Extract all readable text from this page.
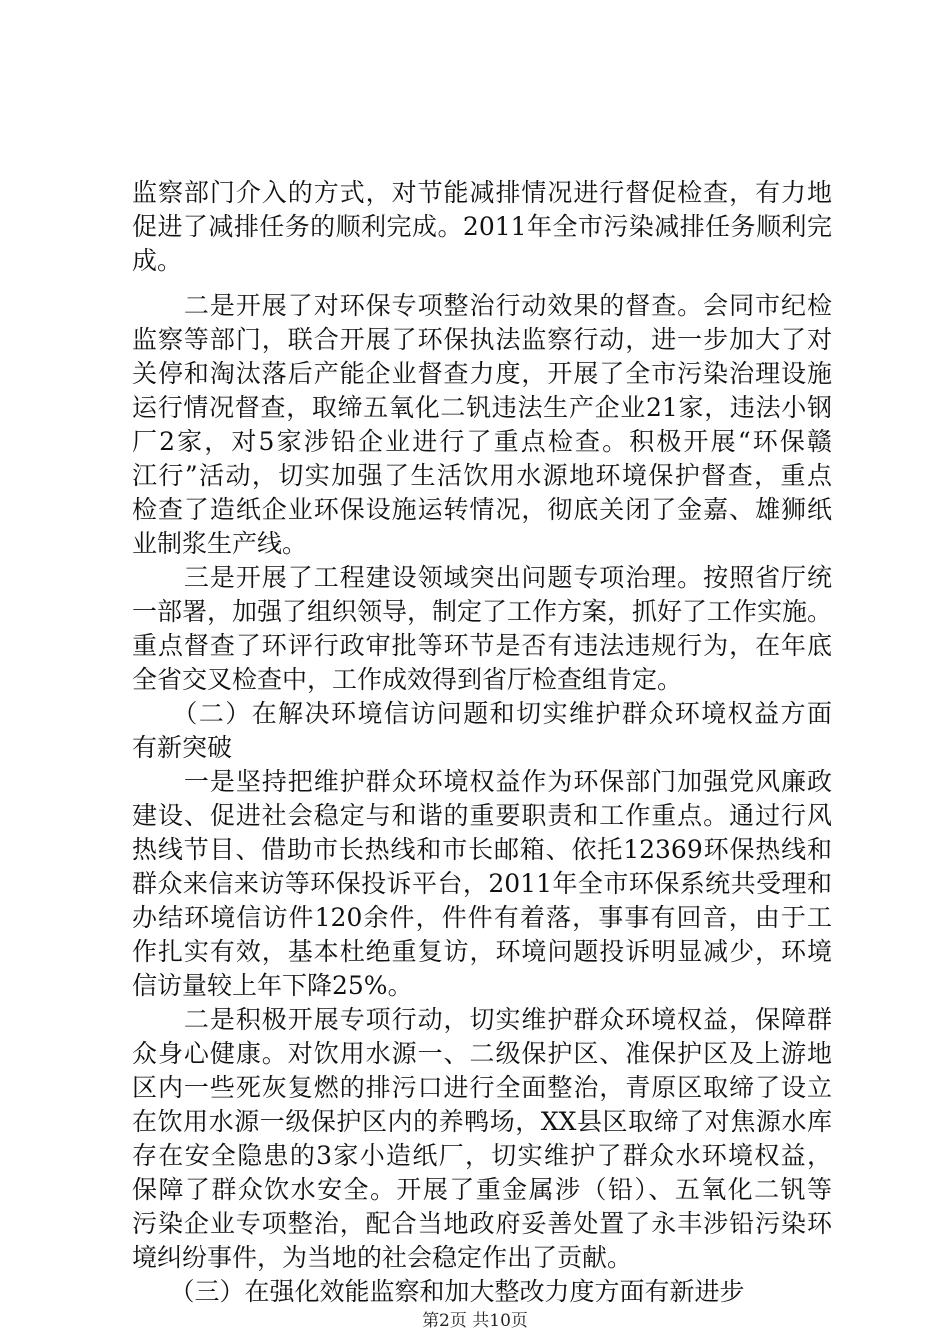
监察部门介入的方式，对节能减排情况进行督促检查，有力地
促进了减排任务的顺利完成。2011年全市污染减排任务顺利完
成。
　　二是开展了对环保专项整治行动效果的督查。会同市纪检
监察等部门，联合开展了环保执法监察行动，进一步加大了对
关停和淘汰落后产能企业督查力度，开展了全市污染治理设施
运行情况督查，取缔五氧化二钒违法生产企业21家，违法小钢
厂2家，对5家涉铅企业进行了重点检查。积极开展“环保赣
江行”活动，切实加强了生活饮用水源地环境保护督查，重点
检查了造纸企业环保设施运转情况，彻底关闭了金嘉、雄狮纸
业制浆生产线。
　　三是开展了工程建设领域突出问题专项治理。按照省厅统
一部署，加强了组织领导，制定了工作方案，抓好了工作实施。
重点督查了环评行政审批等环节是否有违法违规行为，在年底
全省交叉检查中，工作成效得到省厅检查组肯定。
　　（二）在解决环境信访问题和切实维护群众环境权益方面
有新突破
　　一是坚持把维护群众环境权益作为环保部门加强党风廉政
建设、促进社会稳定与和谐的重要职责和工作重点。通过行风
热线节目、借助市长热线和市长邮箱、依托12369环保热线和
群众来信来访等环保投诉平台，2011年全市环保系统共受理和
办结环境信访件120余件，件件有着落，事事有回音，由于工
作扎实有效，基本杜绝重复访，环境问题投诉明显减少，环境
信访量较上年下降25%。
　　二是积极开展专项行动，切实维护群众环境权益，保障群
众身心健康。对饮用水源一、二级保护区、准保护区及上游地
区内一些死灰复燃的排污口进行全面整治，青原区取缔了设立
在饮用水源一级保护区内的养鸭场，XX县区取缔了对焦源水库
存在安全隐患的3家小造纸厂，切实维护了群众水环境权益，
保障了群众饮水安全。开展了重金属涉（铅）、五氧化二钒等
污染企业专项整治，配合当地政府妥善处置了永丰涉铅污染环
境纠纷事件，为当地的社会稳定作出了贡献。
　　（三）在强化效能监察和加大整改力度方面有新进步
第2页 共10页
